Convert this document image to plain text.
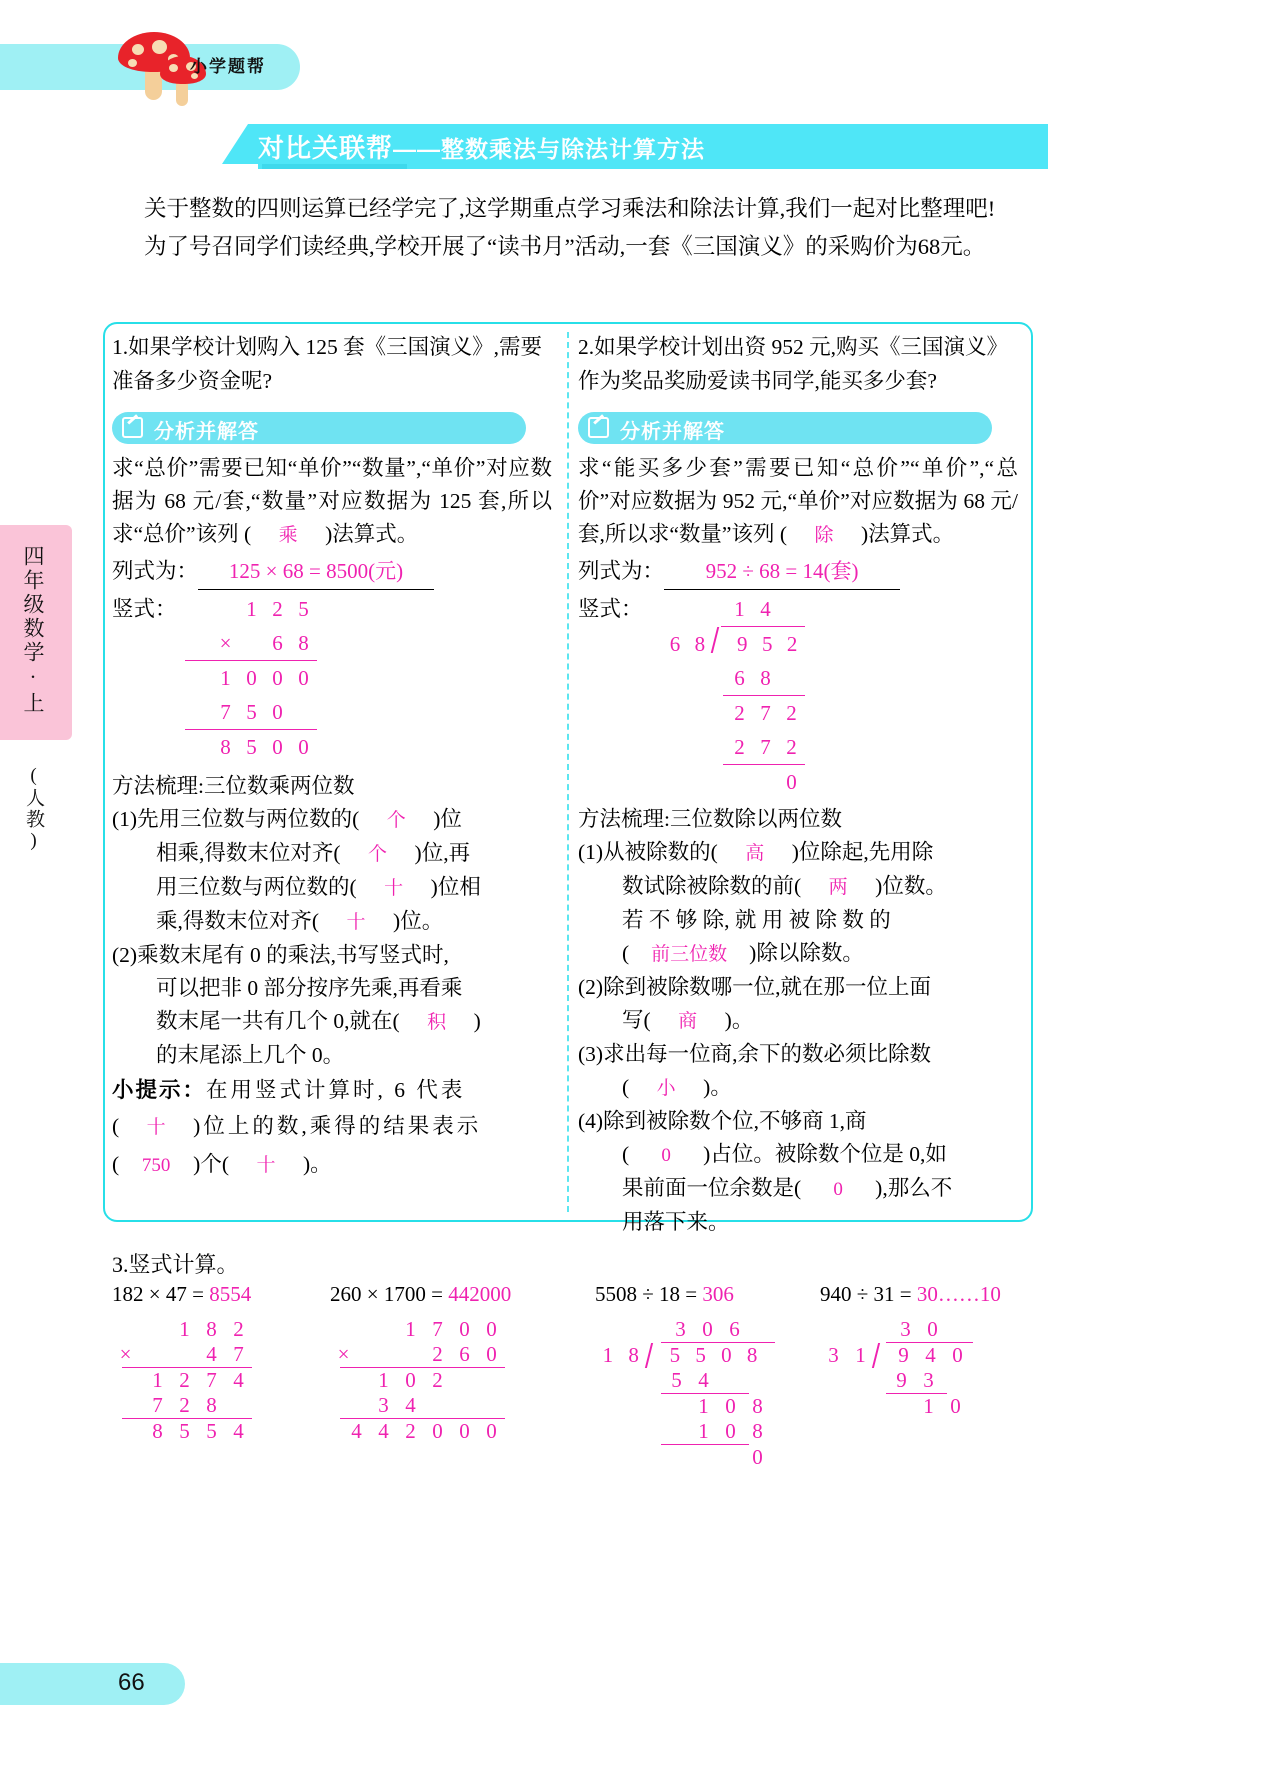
小学题帮
对比关联帮——整数乘法与除法计算方法

关于整数的四则运算已经学完了,这学期重点学习乘法和除法计算,我们一起对比整理吧!

为了号召同学们读经典,学校开展了“读书月”活动,一套《三国演义》的采购价为68元。

四年级数学·上
(人教)
1.如果学校计划购入 125 套《三国演义》,需要准备多少资金呢?
分析并解答
求“总价”需要已知“单价”“数量”,“单价”对应数据为 68 元/套,“数量”对应数据为 125 套,所以求“总价”该列 ( 乘 )法算式。
列式为： 125 × 68 = 8500(元)
竖式：	1 2 5
×	6 8
1 0 0 0
7 5 0
8 5 0 0
方法梳理:三位数乘两位数
(1)先用三位数与两位数的( 个 )位
相乘,得数末位对齐( 个 )位,再
用三位数与两位数的( 十 )位相
乘,得数末位对齐( 十 )位。
(2)乘数末尾有 0 的乘法,书写竖式时,
可以把非 0 部分按序先乘,再看乘
数末尾一共有几个 0,就在( 积 )
的末尾添上几个 0。
小提示：在用竖式计算时, 6 代表
( 十 )位上的数,乘得的结果表示
( 750 )个( 十 )。
2.如果学校计划出资 952 元,购买《三国演义》作为奖品奖励爱读书同学,能买多少套?
分析并解答
求“能买多少套”需要已知“总价”“单价”,“总价”对应数据为 952 元,“单价”对应数据为 68 元/套,所以求“数量”该列 ( 除 )法算式。
列式为： 952 ÷ 68 = 14(套)
竖式：	1 4
6 8	9 5 2
6 8
2 7 2
2 7 2
0
方法梳理:三位数除以两位数
(1)从被除数的( 高 )位除起,先用除
数试除被除数的前( 两 )位数。
若 不 够 除, 就 用 被 除 数 的
( 前三位数 )除以除数。
(2)除到被除数哪一位,就在那一位上面
写( 商 )。
(3)求出每一位商,余下的数必须比除数
( 小 )。
(4)除到被除数个位,不够商 1,商
( 0 )占位。被除数个位是 0,如
果前面一位余数是( 0 ),那么不
用落下来。
3.竖式计算。
182 × 47 = 8554
1 8 2
×	4 7
1 2 7 4
7 2 8
8 5 5 4
260 × 1700 = 442000
1 7 0 0
×	2 6 0
1 0 2
3 4
4 4 2 0 0 0
5508 ÷ 18 = 306
3 0 6
1 8	5 5 0 8
5 4
1 0 8
1 0 8
0
940 ÷ 31 = 30……10
3 0
3 1	9 4 0
9 3
1 0
66
